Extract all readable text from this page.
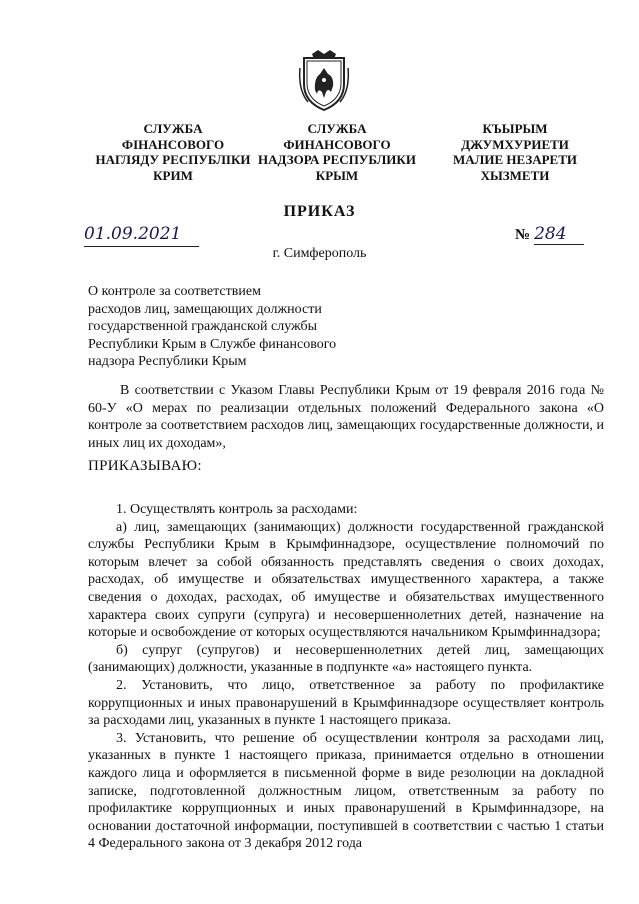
СЛУЖБА
ФІНАНСОВОГО
НАГЛЯДУ РЕСПУБЛІКИ
КРИМ
СЛУЖБА
ФИНАНСОВОГО
НАДЗОРА РЕСПУБЛИКИ
КРЫМ
КЪЫРЫМ
ДЖУМХУРИЕТИ
МАЛИЕ НЕЗАРЕТИ
ХЫЗМЕТИ
ПРИКАЗ
01.09.2021	№ 284
г. Симферополь
О контроле за соответствием
расходов лиц, замещающих должности
государственной гражданской службы
Республики Крым в Службе финансового
надзора Республики Крым
В соответствии с Указом Главы Республики Крым от 19 февраля 2016 года № 60-У «О мерах по реализации отдельных положений Федерального закона «О контроле за соответствием расходов лиц, замещающих государственные должности, и иных лиц их доходам»,
ПРИКАЗЫВАЮ:

1. Осуществлять контроль за расходами:

а) лиц, замещающих (занимающих) должности государственной гражданской службы Республики Крым в Крымфиннадзоре, осуществление полномочий по которым влечет за собой обязанность представлять сведения о своих доходах, расходах, об имуществе и обязательствах имущественного характера, а также сведения о доходах, расходах, об имуществе и обязательствах имущественного характера своих супруги (супруга) и несовершеннолетних детей, назначение на которые и освобождение от которых осуществляются начальником Крымфиннадзора;

б) супруг (супругов) и несовершеннолетних детей лиц, замещающих (занимающих) должности, указанные в подпункте «а» настоящего пункта.

2. Установить, что лицо, ответственное за работу по профилактике коррупционных и иных правонарушений в Крымфиннадзоре осуществляет контроль за расходами лиц, указанных в пункте 1 настоящего приказа.

3. Установить, что решение об осуществлении контроля за расходами лиц, указанных в пункте 1 настоящего приказа, принимается отдельно в отношении каждого лица и оформляется в письменной форме в виде резолюции на докладной записке, подготовленной должностным лицом, ответственным за работу по профилактике коррупционных и иных правонарушений в Крымфиннадзоре, на основании достаточной информации, поступившей в соответствии с частью 1 статьи 4 Федерального закона от 3 декабря 2012 года
